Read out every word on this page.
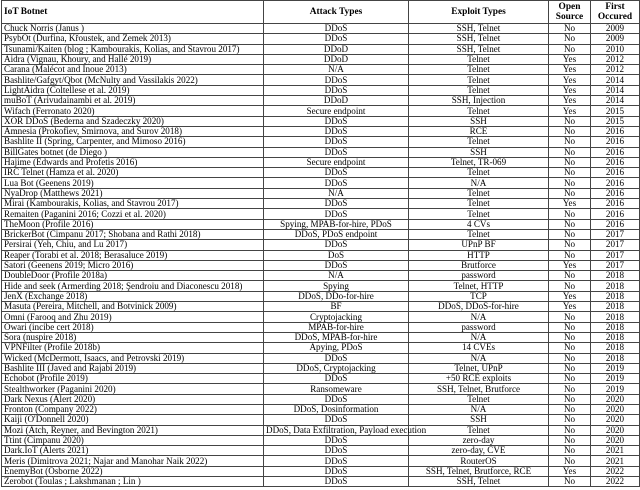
IoT Botnet	Attack Types	Exploit Types	Open Source	First Occured
Chuck Norris (Janus )	DDoS	SSH, Telnet	No	2009
PsybOt (Ďurfina, Křoustek, and Zemek 2013)	DDoS	SSH, Telnet	No	2009
Tsunami/Kaiten (blog ; Kambourakis, Kolias, and Stavrou 2017)	DDoD	SSH, Telnet	No	2010
Aidra (Vignau, Khoury, and Hallé 2019)	DDoD	Telnet	Yes	2012
Carana (Malécot and Inoue 2013)	N/A	Telnet	Yes	2012
Bashlite/Gafgyt/Qbot (McNulty and Vassilakis 2022)	DDoS	Telnet	Yes	2014
LightAidra (Coltellese et al. 2019)	DDoS	Telnet	Yes	2014
muBoT (Arivudainambi et al. 2019)	DDoD	SSH, Injection	Yes	2014
Wifach (Ferronato 2020)	Secure endpoint	Telnet	Yes	2015
XOR DDoS (Bederna and Szadeczky 2020)	DDoS	SSH	No	2015
Amnesia (Prokofiev, Smirnova, and Surov 2018)	DDoS	RCE	No	2016
Bashlite II (Spring, Carpenter, and Mimoso 2016)	DDoS	Telnet	No	2016
BillGates botnet (de Diego )	DDoS	SSH	No	2016
Hajime (Edwards and Profetis 2016)	Secure endpoint	Telnet, TR-069	No	2016
IRC Telnet (Hamza et al. 2020)	DDoS	Telnet	No	2016
Lua Bot (Geenens 2019)	DDoS	N/A	No	2016
NyaDrop (Matthews 2021)	N/A	Telnet	No	2016
Mirai (Kambourakis, Kolias, and Stavrou 2017)	DDoS	Telnet	Yes	2016
Remaiten (Paganini 2016; Cozzi et al. 2020)	DDoS	Telnet	No	2016
TheMoon (Profile 2016)	Spying, MPAB-for-hire, PDoS	4 CVs	No	2016
BrickerBot (Cimpanu 2017; Shobana and Rathi 2018)	DDoS, PDoS endpoint	Telnet	No	2017
Persirai (Yeh, Chiu, and Lu 2017)	DDoS	UPnP BF	No	2017
Reaper (Torabi et al. 2018; Berasaluce 2019)	DoS	HTTP	No	2017
Satori (Geenens 2019; Micro 2016)	DDoS	Brutforce	Yes	2017
DoubleDoor (Profile 2018a)	N/A	password	No	2018
Hide and seek (Armerding 2018; Şendroiu and Diaconescu 2018)	Spying	Telnet, HTTP	No	2018
JenX (Exchange 2018)	DDoS, DDo-for-hire	TCP	Yes	2018
Masuta (Pereira, Mitchell, and Botvinick 2009)	BF	DDoS, DDoS-for-hire	Yes	2018
Omni (Farooq and Zhu 2019)	Cryptojacking	N/A	No	2018
Owari (incibe cert 2018)	MPAB-for-hire	password	No	2018
Sora (nuspire 2018)	DDoS, MPAB-for-hire	N/A	No	2018
VPNFilter (Profile 2018b)	Apying, PDoS	14 CVEs	No	2018
Wicked (McDermott, Isaacs, and Petrovski 2019)	DDoS	N/A	No	2018
Bashlite III (Javed and Rajabi 2019)	DDoS, Cryptojacking	Telnet, UPnP	No	2019
Echobot (Profile 2019)	DDoS	+50 RCE exploits	No	2019
Stealthworker (Paganini 2020)	Ransomeware	SSH, Telnet, Brutforce	No	2019
Dark Nexus (Alert 2020)	DDoS	Telnet	No	2020
Fronton (Company 2022)	DDoS, Dosinformation	N/A	No	2020
Kaiji (O'Donnell 2020)	DDoS	SSH	No	2020
Mozi (Atch, Reyner, and Bevington 2021)	DDoS, Data Exfiltration, Payload execution	Telnet	No	2020
Ttint (Cimpanu 2020)	DDoS	zero-day	No	2020
Dark.IoT (Alerts 2021)	DDoS	zero-day, CVE	No	2021
Meris (Dimitrova 2021; Najar and Manohar Naik 2022)	DDoS	RouterOS	No	2021
EnemyBot (Osborne 2022)	DDoS	SSH, Telnet, Brutforce, RCE	Yes	2022
Zerobot (Toulas ; Lakshmanan ; Lin )	DDoS	SSH, Telnet	No	2022
